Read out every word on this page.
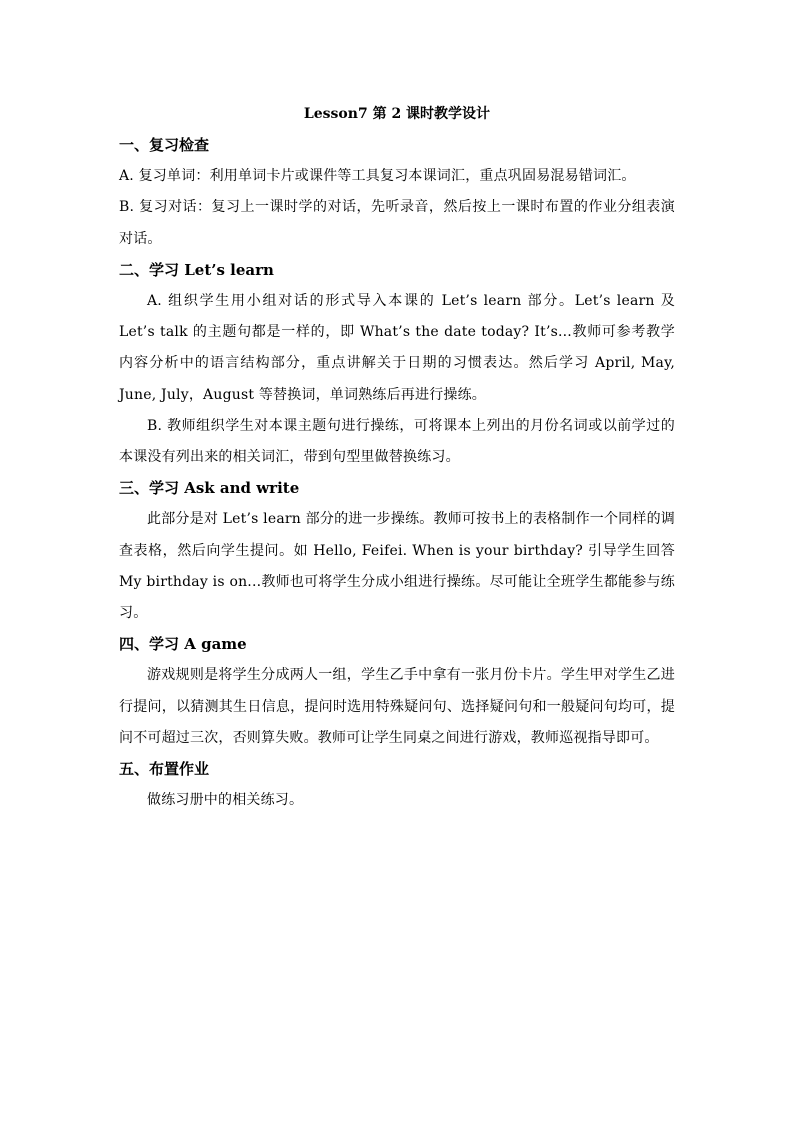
Lesson7 第 2 课时教学设计

一、复习检查

A. 复习单词：利用单词卡片或课件等工具复习本课词汇，重点巩固易混易错词汇。

B. 复习对话：复习上一课时学的对话，先听录音，然后按上一课时布置的作业分组表演对话。

二、学习 Let’s learn

A. 组织学生用小组对话的形式导入本课的 Let’s learn 部分。Let’s learn 及 Let’s talk 的主题句都是一样的，即 What’s the date today? It’s...教师可参考教学内容分析中的语言结构部分，重点讲解关于日期的习惯表达。然后学习 April, May, June, July，August 等替换词，单词熟练后再进行操练。

B. 教师组织学生对本课主题句进行操练，可将课本上列出的月份名词或以前学过的本课没有列出来的相关词汇，带到句型里做替换练习。

三、学习 Ask and write

此部分是对 Let’s learn 部分的进一步操练。教师可按书上的表格制作一个同样的调查表格，然后向学生提问。如 Hello, Feifei. When is your birthday? 引导学生回答 My birthday is on...教师也可将学生分成小组进行操练。尽可能让全班学生都能参与练习。

四、学习 A game

游戏规则是将学生分成两人一组，学生乙手中拿有一张月份卡片。学生甲对学生乙进行提问，以猜测其生日信息，提问时选用特殊疑问句、选择疑问句和一般疑问句均可，提问不可超过三次，否则算失败。教师可让学生同桌之间进行游戏，教师巡视指导即可。

五、布置作业

做练习册中的相关练习。
